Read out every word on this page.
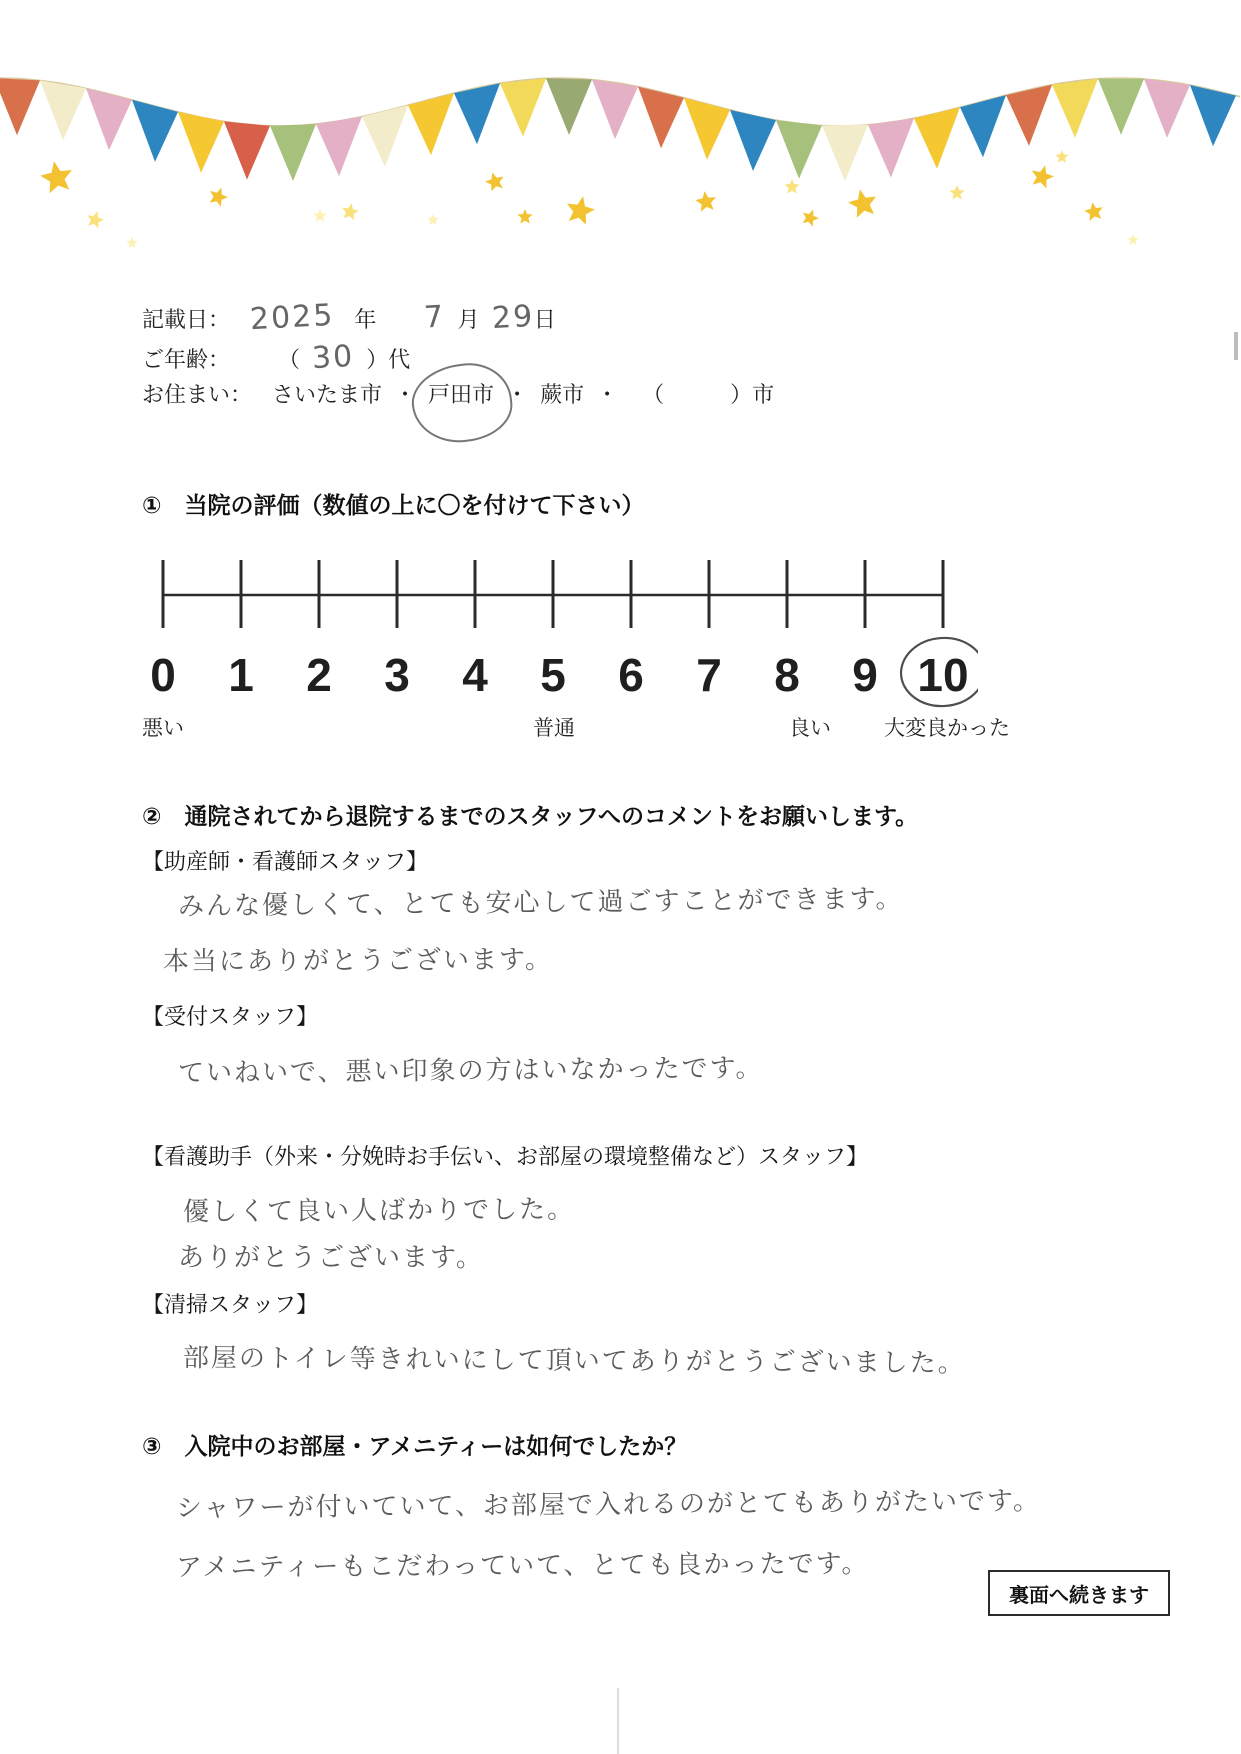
記載日： 2025 年 7 月 29 日
ご年齢： （ 30 ）代
お住まい： さいたま市 ・ 戸田市 ・ 蕨市 ・ （　　　）市
①　当院の評価（数値の上に〇を付けて下さい）
0 1 2 3 4 5 6 7 8 9 10
悪い	普通	良い	大変良かった
②　通院されてから退院するまでのスタッフへのコメントをお願いします。
【助産師・看護師スタッフ】
みんな優しくて、とても安心して過ごすことができます。
本当にありがとうございます。
【受付スタッフ】
ていねいで、悪い印象の方はいなかったです。
【看護助手（外来・分娩時お手伝い、お部屋の環境整備など）スタッフ】
優しくて良い人ばかりでした。
ありがとうございます。
【清掃スタッフ】
部屋のトイレ等きれいにして頂いてありがとうございました。
③　入院中のお部屋・アメニティーは如何でしたか？
シャワーが付いていて、お部屋で入れるのがとてもありがたいです。
アメニティーもこだわっていて、とても良かったです。
裏面へ続きます
